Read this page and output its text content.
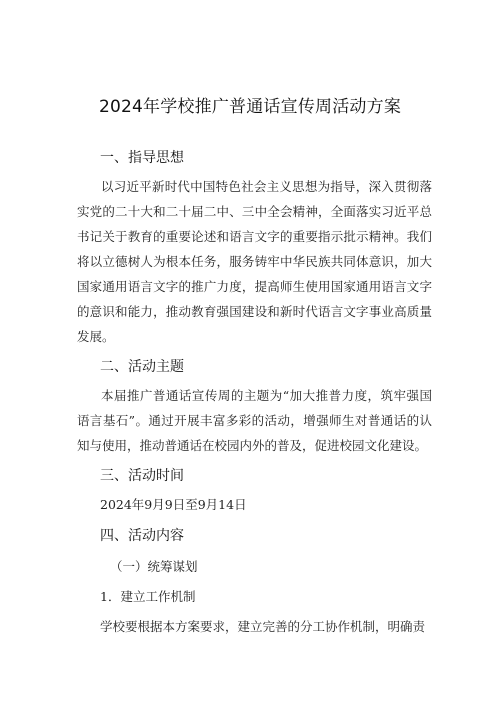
2024年学校推广普通话宣传周活动方案
一、指导思想

以习近平新时代中国特色社会主义思想为指导，深入贯彻落实党的二十大和二十届二中、三中全会精神，全面落实习近平总书记关于教育的重要论述和语言文字的重要指示批示精神。我们将以立德树人为根本任务，服务铸牢中华民族共同体意识，加大国家通用语言文字的推广力度，提高师生使用国家通用语言文字的意识和能力，推动教育强国建设和新时代语言文字事业高质量发展。

二、活动主题

本届推广普通话宣传周的主题为“加大推普力度，筑牢强国语言基石”。通过开展丰富多彩的活动，增强师生对普通话的认知与使用，推动普通话在校园内外的普及，促进校园文化建设。

三、活动时间

2024年9月9日至9月14日

四、活动内容

（一）统筹谋划

1．建立工作机制

学校要根据本方案要求，建立完善的分工协作机制，明确责
